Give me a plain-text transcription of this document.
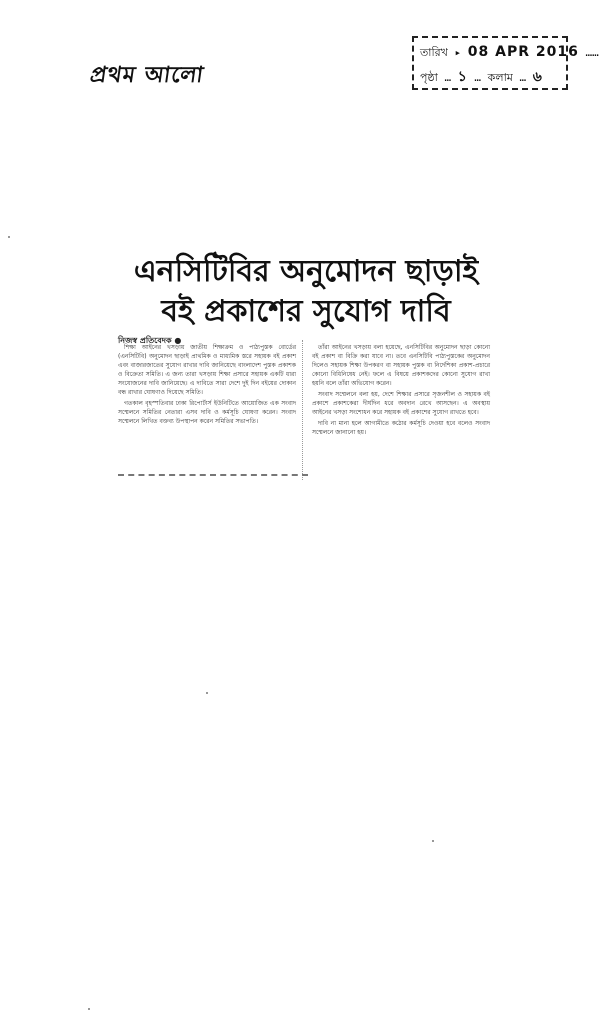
প্রথম আলো
তারিখ ▸ 08 APR 2016 ……
পৃষ্ঠা … ১ … কলাম … ৬
এনসিটিবির অনুমোদন ছাড়াই
বই প্রকাশের সুযোগ দাবি
নিজস্ব প্রতিবেদক ●

শিক্ষা আইনের খসড়ায় জাতীয় শিক্ষাক্রম ও পাঠ্যপুস্তক বোর্ডের (এনসিটিবি) অনুমোদন ছাড়াই প্রাথমিক ও মাধ্যমিক স্তরে সহায়ক বই প্রকাশ এবং বাজারজাতের সুযোগ রাখার দাবি জানিয়েছে বাংলাদেশ পুস্তক প্রকাশক ও বিক্রেতা সমিতি। এ জন্য তারা খসড়ায় শিক্ষা প্রসারে সহায়ক একটি ধারা সংযোজনের দাবি জানিয়েছে। এ দাবিতে সারা দেশে দুই দিন বইয়ের দোকান বন্ধ রাখার ঘোষণাও দিয়েছে সমিতি।

গতকাল বৃহস্পতিবার ঢাকা রিপোর্টার্স ইউনিটিতে আয়োজিত এক সংবাদ সম্মেলনে সমিতির নেতারা এসব দাবি ও কর্মসূচি ঘোষণা করেন। সংবাদ সম্মেলনে লিখিত বক্তব্য উপস্থাপন করেন সমিতির সভাপতি।

তাঁরা আইনের খসড়ায় বলা হয়েছে, এনসিটিবির অনুমোদন ছাড়া কোনো বই প্রকাশ বা বিক্রি করা যাবে না। তবে এনসিটিবি পাঠ্যপুস্তকের অনুমোদন দিলেও সহায়ক শিক্ষা উপকরণ বা সহায়ক পুস্তক বা নির্দেশিকা প্রকাশ-প্রচারে কোনো বিধিনিষেধ নেই। ফলে এ বিষয়ে প্রকাশকদের কোনো সুযোগ রাখা হয়নি বলে তাঁরা অভিযোগ করেন।

সংবাদ সম্মেলনে বলা হয়, দেশে শিক্ষার প্রসারে সৃজনশীল ও সহায়ক বই প্রকাশে প্রকাশকেরা দীর্ঘদিন ধরে অবদান রেখে আসছেন। এ অবস্থায় আইনের খসড়া সংশোধন করে সহায়ক বই প্রকাশের সুযোগ রাখতে হবে।

দাবি না মানা হলে আগামীতে কঠোর কর্মসূচি দেওয়া হবে বলেও সংবাদ সম্মেলনে জানানো হয়।
